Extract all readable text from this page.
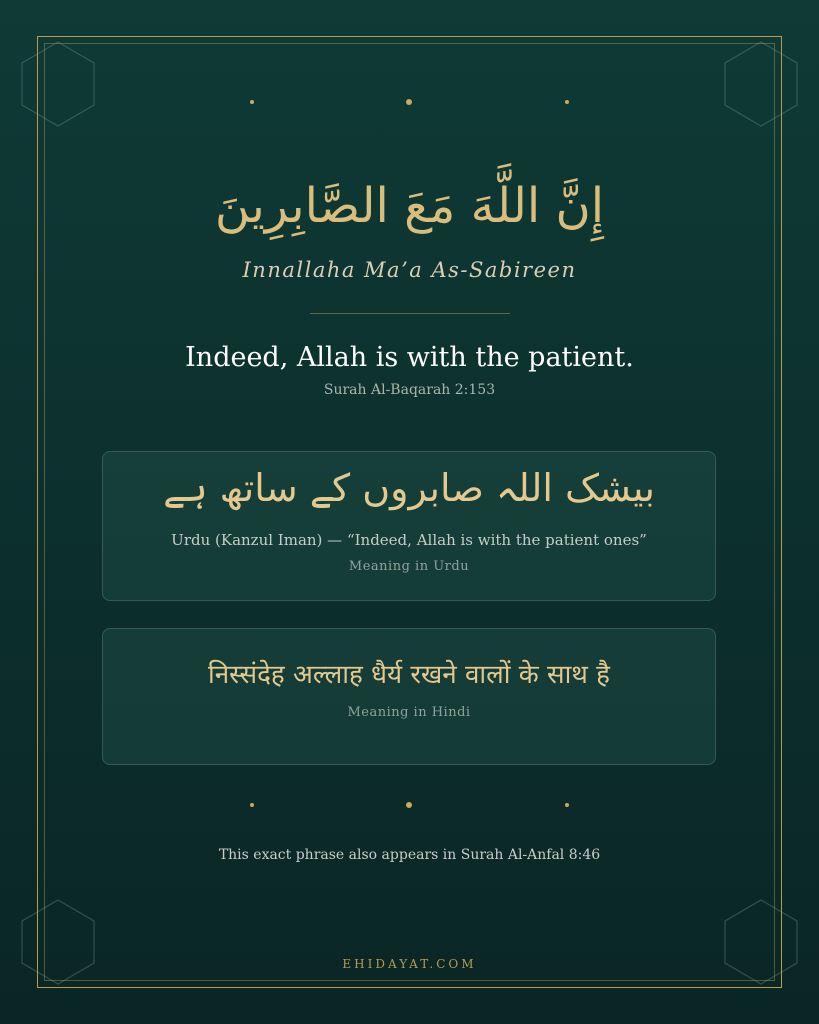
إِنَّ اللَّهَ مَعَ الصَّابِرِينَ
Innallaha Ma’a As-Sabireen
Indeed, Allah is with the patient.
Surah Al-Baqarah 2:153
بیشک اللہ صابروں کے ساتھ ہے
Urdu (Kanzul Iman) — “Indeed, Allah is with the patient ones”
Meaning in Urdu
निस्संदेह अल्लाह धैर्य रखने वालों के साथ है
Meaning in Hindi
This exact phrase also appears in Surah Al-Anfal 8:46
EHIDAYAT.COM
